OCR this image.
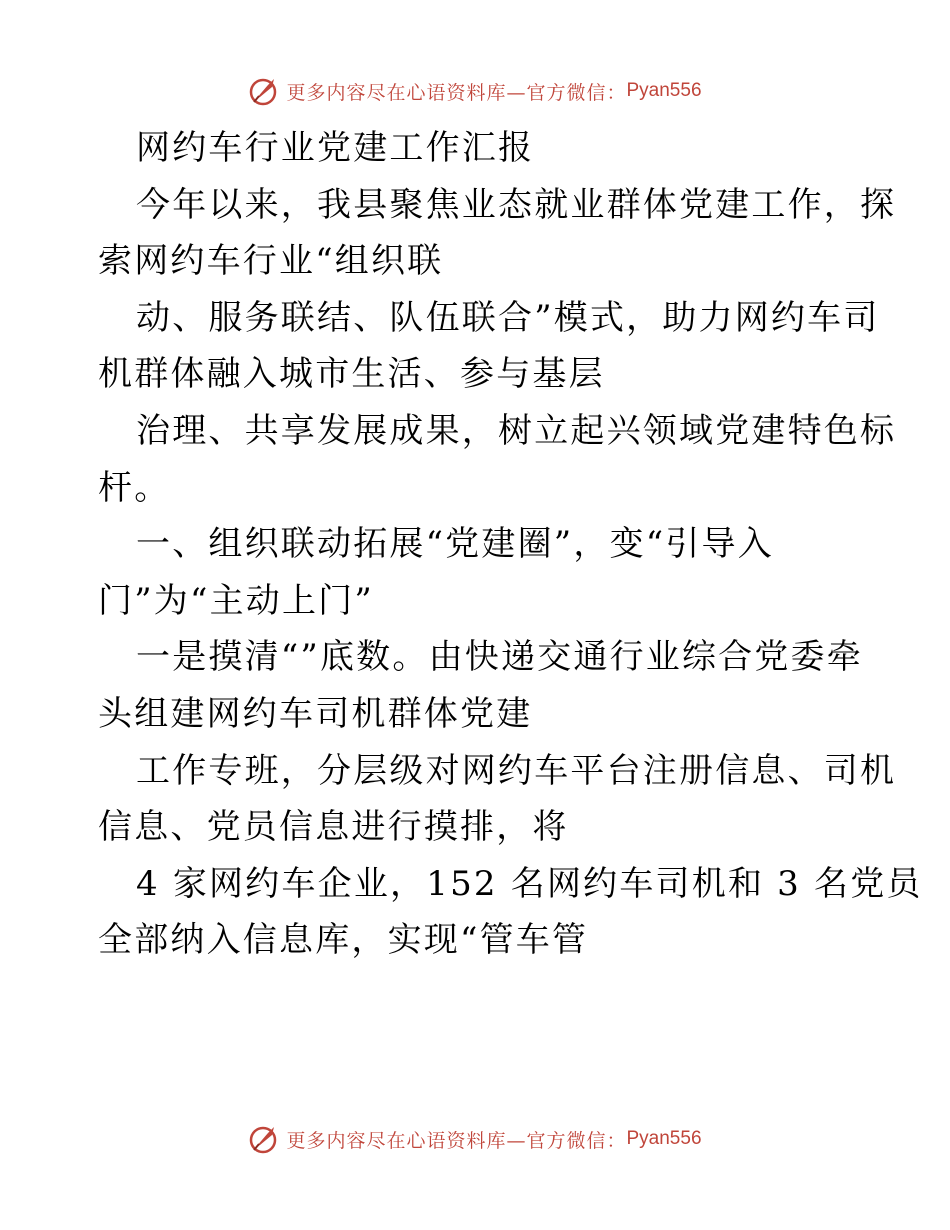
更多内容尽在心语资料库—官方微信： Pyan556
网约车行业党建工作汇报
今年以来，我县聚焦业态就业群体党建工作，探
索网约车行业“组织联
动、服务联结、队伍联合”模式，助力网约车司
机群体融入城市生活、参与基层
治理、共享发展成果，树立起兴领域党建特色标
杆。
一、组织联动拓展“党建圈”，变“引导入
门”为“主动上门”
一是摸清“”底数。由快递交通行业综合党委牵
头组建网约车司机群体党建
工作专班，分层级对网约车平台注册信息、司机
信息、党员信息进行摸排，将
4 家网约车企业，152 名网约车司机和 3 名党员
全部纳入信息库，实现“管车管
更多内容尽在心语资料库—官方微信： Pyan556
